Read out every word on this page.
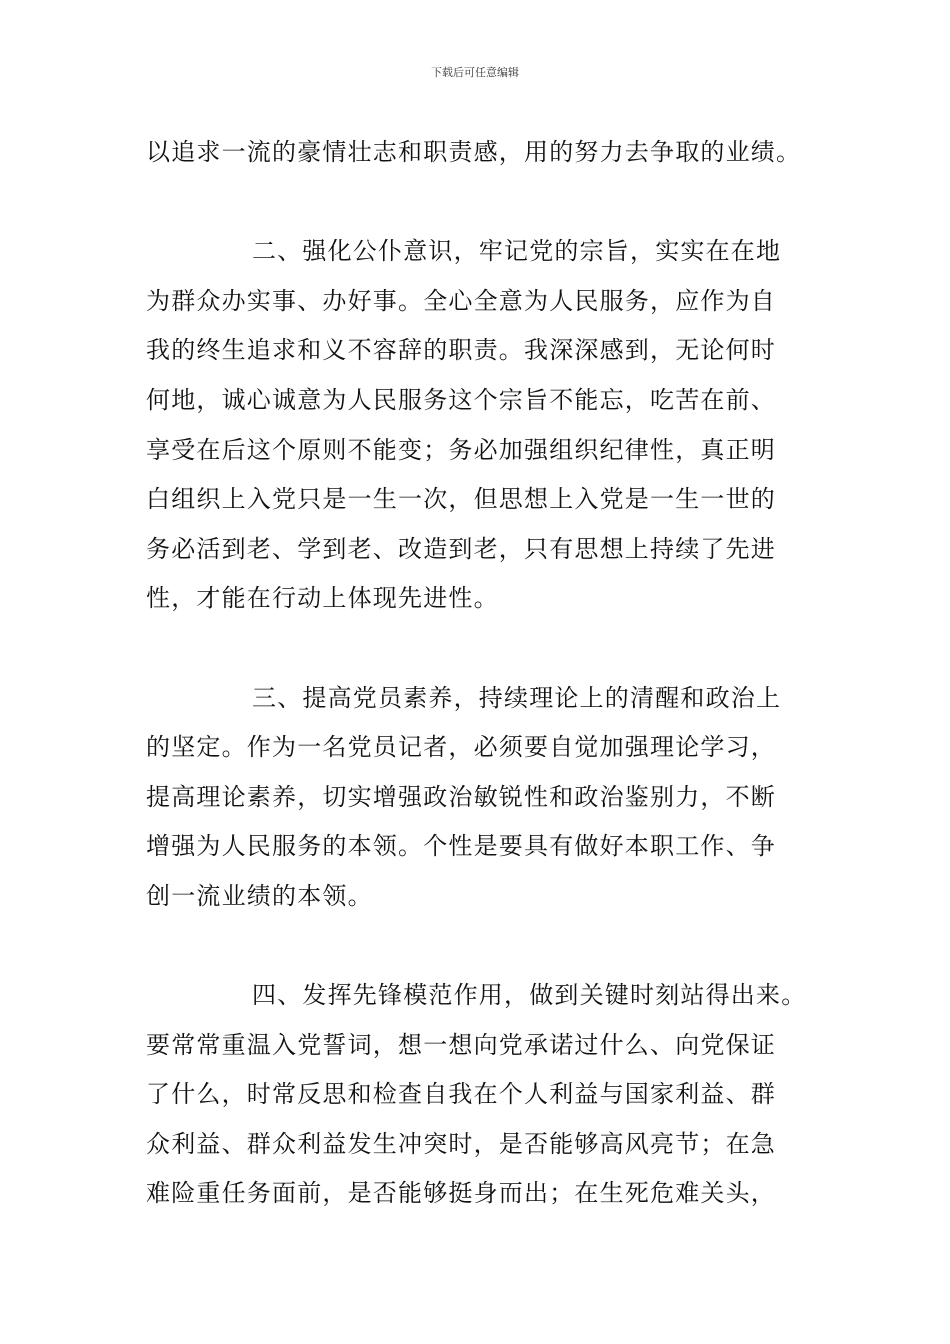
下载后可任意编辑
以追求一流的豪情壮志和职责感，用的努力去争取的业绩。
二、强化公仆意识，牢记党的宗旨，实实在在地
为群众办实事、办好事。全心全意为人民服务，应作为自
我的终生追求和义不容辞的职责。我深深感到，无论何时
何地，诚心诚意为人民服务这个宗旨不能忘，吃苦在前、
享受在后这个原则不能变；务必加强组织纪律性，真正明
白组织上入党只是一生一次，但思想上入党是一生一世的
务必活到老、学到老、改造到老，只有思想上持续了先进
性，才能在行动上体现先进性。
三、提高党员素养，持续理论上的清醒和政治上
的坚定。作为一名党员记者，必须要自觉加强理论学习，
提高理论素养，切实增强政治敏锐性和政治鉴别力，不断
增强为人民服务的本领。个性是要具有做好本职工作、争
创一流业绩的本领。
四、发挥先锋模范作用，做到关键时刻站得出来。
要常常重温入党誓词，想一想向党承诺过什么、向党保证
了什么，时常反思和检查自我在个人利益与国家利益、群
众利益、群众利益发生冲突时，是否能够高风亮节；在急
难险重任务面前，是否能够挺身而出；在生死危难关头，
